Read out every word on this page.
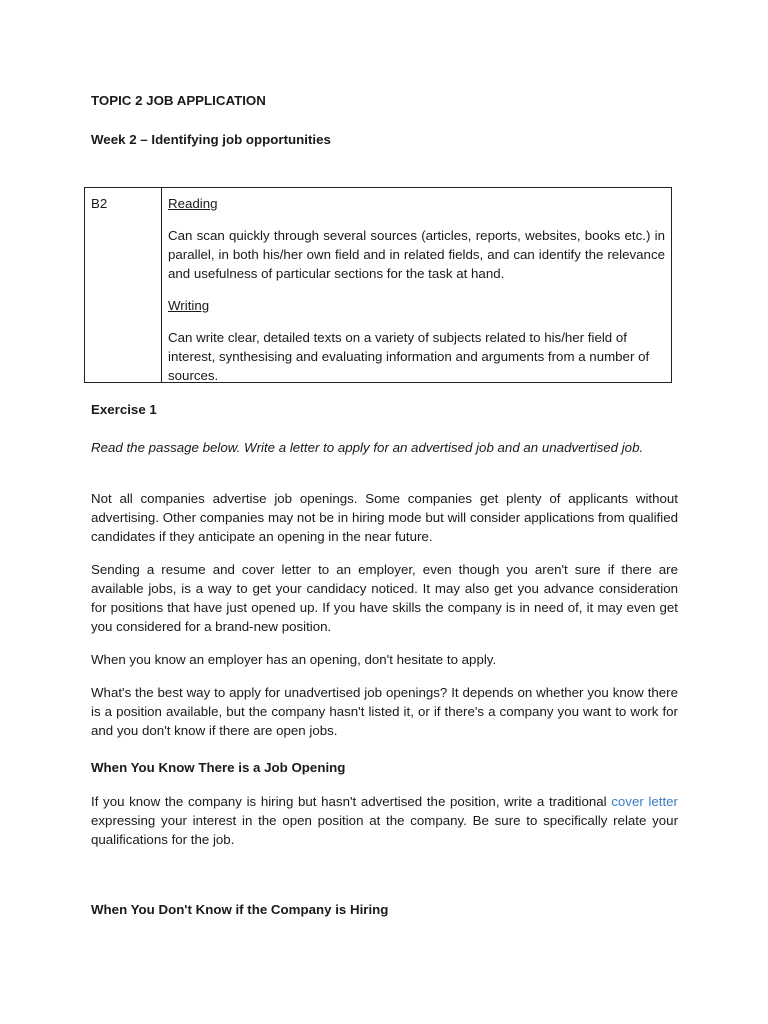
TOPIC 2 JOB APPLICATION

Week 2 – Identifying job opportunities

B2	Reading

Can scan quickly through several sources (articles, reports, websites, books etc.) in parallel, in both his/her own field and in related fields, and can identify the relevance and usefulness of particular sections for the task at hand.

Writing

Can write clear, detailed texts on a variety of subjects related to his/her field of interest, synthesising and evaluating information and arguments from a number of sources.

Exercise 1

Read the passage below. Write a letter to apply for an advertised job and an unadvertised job.

Not all companies advertise job openings. Some companies get plenty of applicants without advertising. Other companies may not be in hiring mode but will consider applications from qualified candidates if they anticipate an opening in the near future.

Sending a resume and cover letter to an employer, even though you aren't sure if there are available jobs, is a way to get your candidacy noticed. It may also get you advance consideration for positions that have just opened up. If you have skills the company is in need of, it may even get you considered for a brand-new position.

When you know an employer has an opening, don't hesitate to apply.

What's the best way to apply for unadvertised job openings? It depends on whether you know there is a position available, but the company hasn't listed it, or if there's a company you want to work for and you don't know if there are open jobs.

When You Know There is a Job Opening

If you know the company is hiring but hasn't advertised the position, write a traditional cover letter expressing your interest in the open position at the company. Be sure to specifically relate your qualifications for the job.

When You Don't Know if the Company is Hiring
